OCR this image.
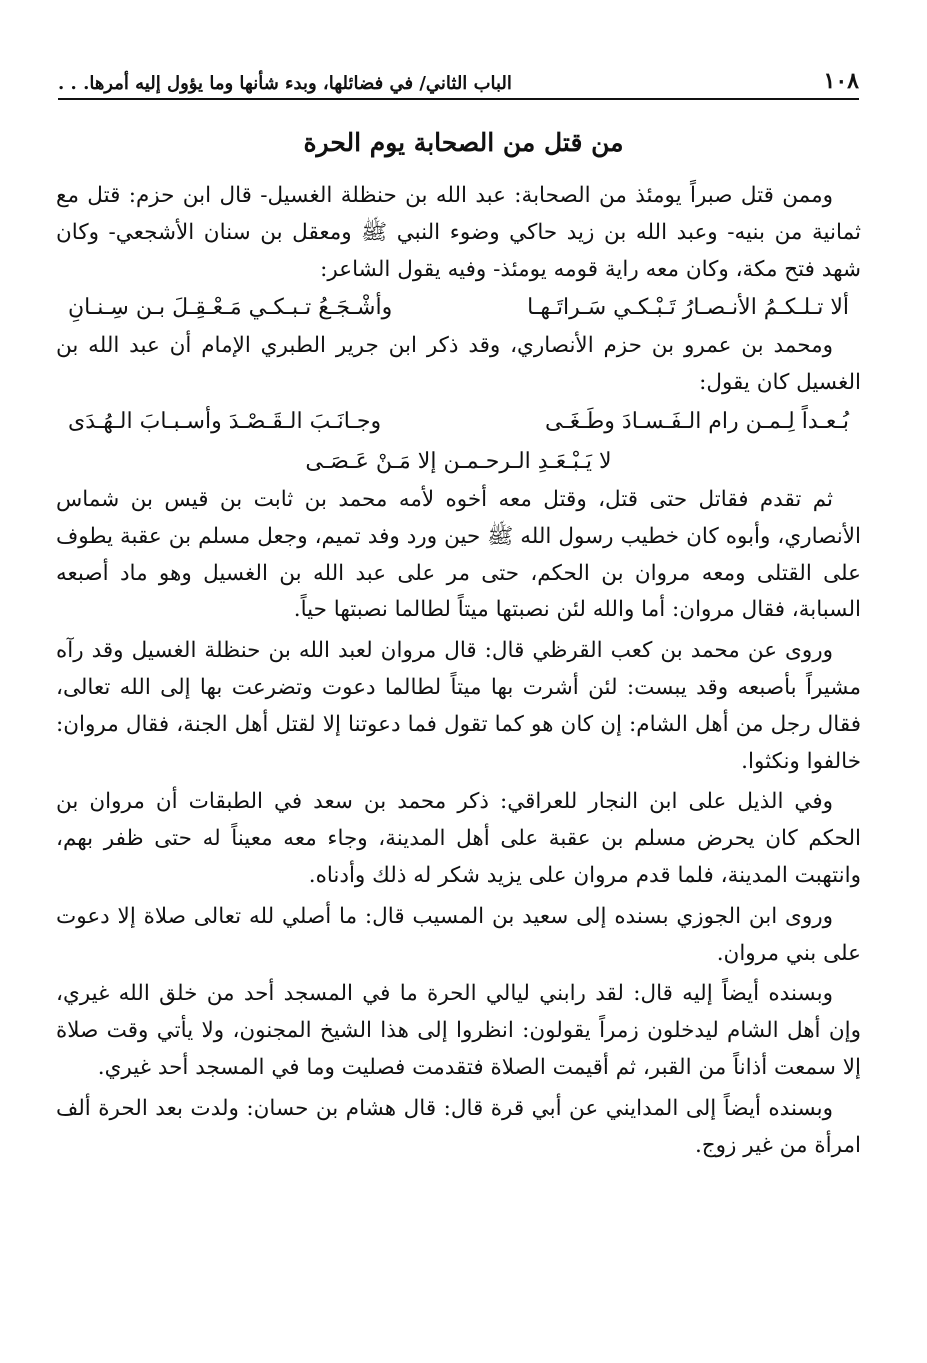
١٠٨
الباب الثاني/ في فضائلها، وبدء شأنها وما يؤول إليه أمرها. . .
من قتل من الصحابة يوم الحرة

وممن قتل صبراً يومئذ من الصحابة: عبد الله بن حنظلة الغسيل- قال ابن حزم: قتل مع ثمانية من بنيه- وعبد الله بن زيد حاكي وضوء النبي ﷺ ومعقل بن سنان الأشجعي- وكان شهد فتح مكة، وكان معه راية قومه يومئذ- وفيه يقول الشاعر:

ألا تـلـكـمُ الأنـصـارُ تَـبْـكـي سَـراتَـهـا
وأشْـجَـعُ تـبـكـي مَـعْـقِـلَ بـن سِـنـانِ

ومحمد بن عمرو بن حزم الأنصاري، وقد ذكر ابن جرير الطبري الإمام أن عبد الله بن الغسيل كان يقول:

بُـعـداً لِـمـن رام الـفَـسـادَ وطَـغَـى
وجـانَـبَ الـقَـصْـدَ وأسـبـابَ الـهُـدَى
لا يَـبْـعَـدِ الـرحـمـن إلا مَـنْ عَـصَـى

ثم تقدم فقاتل حتى قتل، وقتل معه أخوه لأمه محمد بن ثابت بن قيس بن شماس الأنصاري، وأبوه كان خطيب رسول الله ﷺ حين ورد وفد تميم، وجعل مسلم بن عقبة يطوف على القتلى ومعه مروان بن الحكم، حتى مر على عبد الله بن الغسيل وهو ماد أصبعه السبابة، فقال مروان: أما والله لئن نصبتها ميتاً لطالما نصبتها حياً.

وروى عن محمد بن كعب القرظي قال: قال مروان لعبد الله بن حنظلة الغسيل وقد رآه مشيراً بأصبعه وقد يبست: لئن أشرت بها ميتاً لطالما دعوت وتضرعت بها إلى الله تعالى، فقال رجل من أهل الشام: إن كان هو كما تقول فما دعوتنا إلا لقتل أهل الجنة، فقال مروان: خالفوا ونكثوا.

وفي الذيل على ابن النجار للعراقي: ذكر محمد بن سعد في الطبقات أن مروان بن الحكم كان يحرض مسلم بن عقبة على أهل المدينة، وجاء معه معيناً له حتى ظفر بهم، وانتهبت المدينة، فلما قدم مروان على يزيد شكر له ذلك وأدناه.

وروى ابن الجوزي بسنده إلى سعيد بن المسيب قال: ما أصلي لله تعالى صلاة إلا دعوت على بني مروان.

وبسنده أيضاً إليه قال: لقد رابني ليالي الحرة ما في المسجد أحد من خلق الله غيري، وإن أهل الشام ليدخلون زمراً يقولون: انظروا إلى هذا الشيخ المجنون، ولا يأتي وقت صلاة إلا سمعت أذاناً من القبر، ثم أقيمت الصلاة فتقدمت فصليت وما في المسجد أحد غيري.

وبسنده أيضاً إلى المدايني عن أبي قرة قال: قال هشام بن حسان: ولدت بعد الحرة ألف امرأة من غير زوج.
